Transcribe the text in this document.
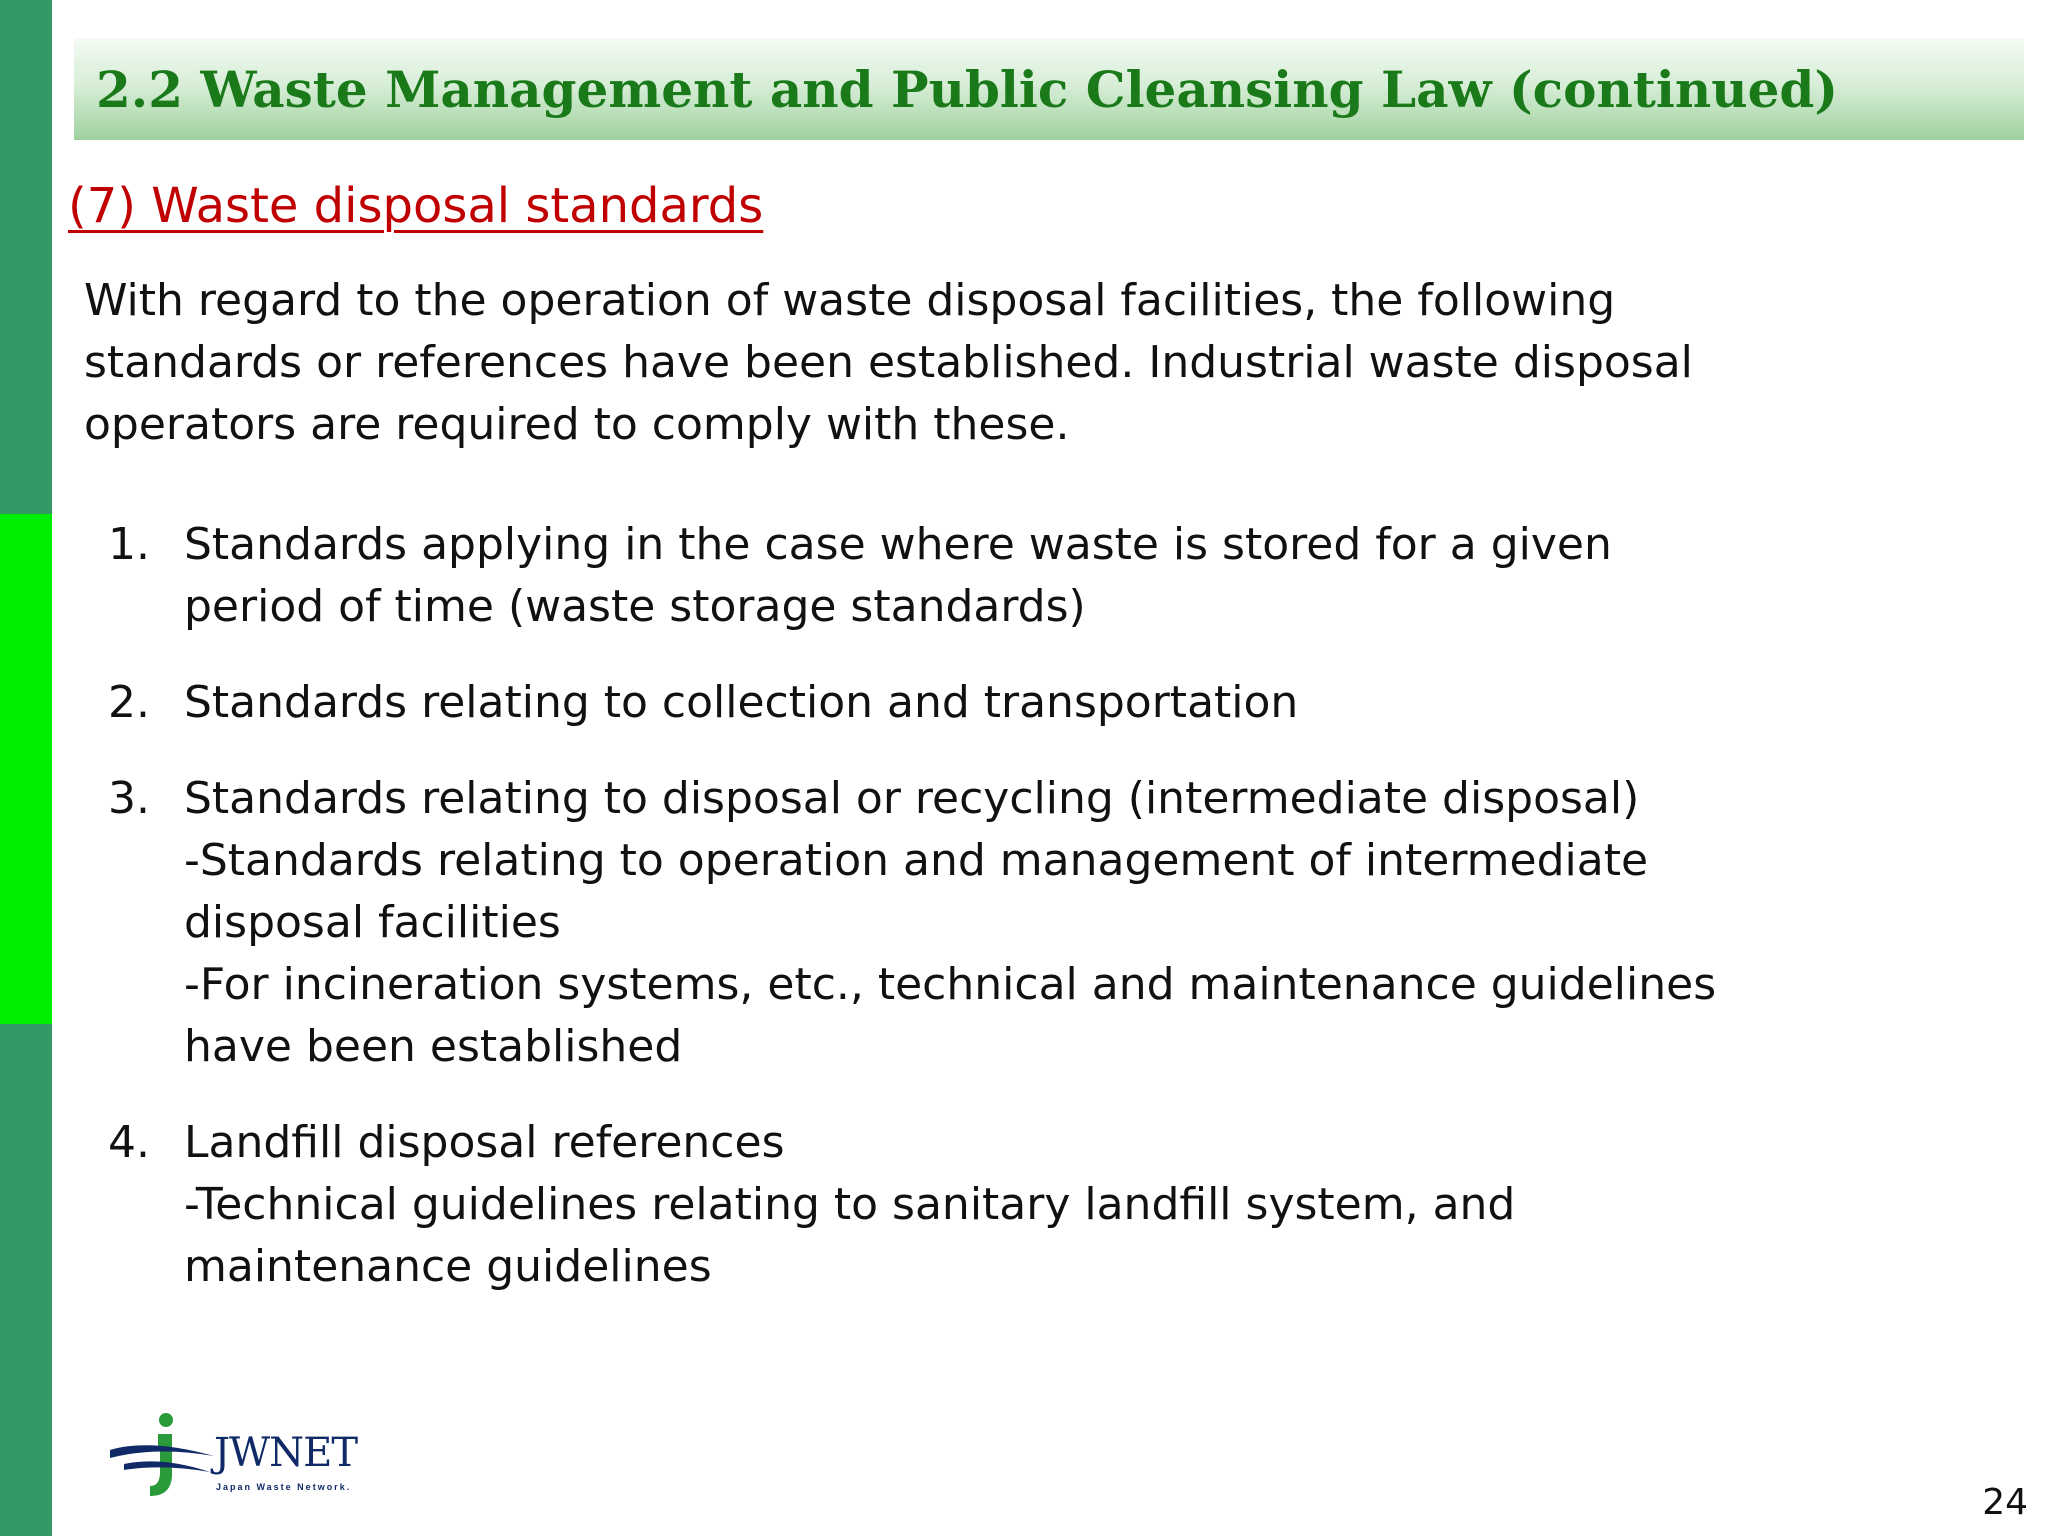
2.2 Waste Management and Public Cleansing Law (continued)
(7) Waste disposal standards
With regard to the operation of waste disposal facilities, the following
standards or references have been established. Industrial waste disposal
operators are required to comply with these.
1. Standards applying in the case where waste is stored for a given
period of time (waste storage standards)
2. Standards relating to collection and transportation
3. Standards relating to disposal or recycling (intermediate disposal)
-Standards relating to operation and management of intermediate
disposal facilities
-For incineration systems, etc., technical and maintenance guidelines
have been established
4. Landfill disposal references
-Technical guidelines relating to sanitary landfill system, and
maintenance guidelines
JWNET
Japan Waste Network.	24
